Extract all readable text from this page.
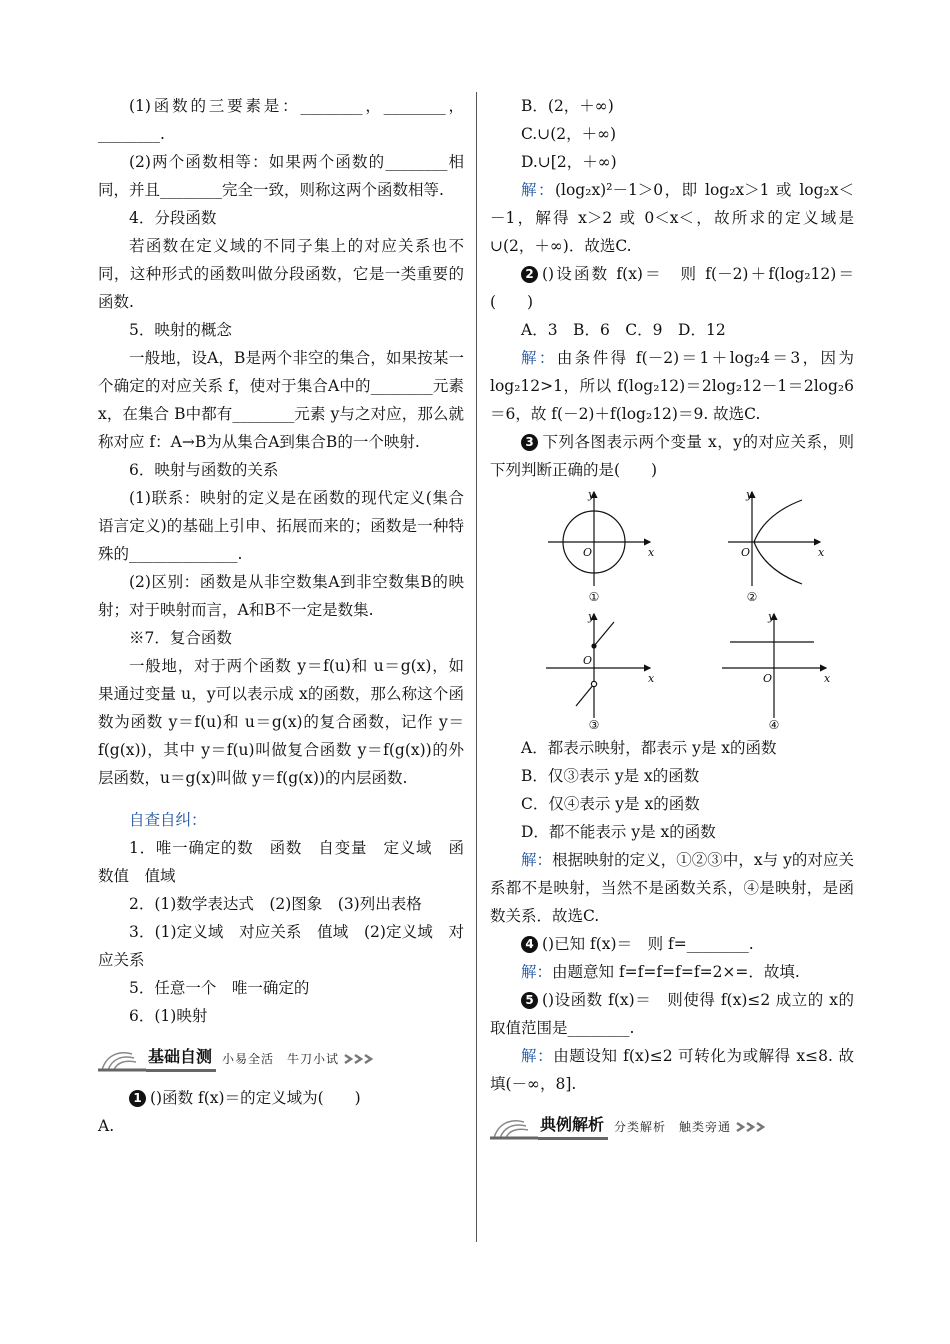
(1)函数的三要素是：________，________，________.

(2)两个函数相等：如果两个函数的________相同，并且________完全一致，则称这两个函数相等.

4．分段函数

若函数在定义域的不同子集上的对应关系也不同，这种形式的函数叫做分段函数，它是一类重要的函数.

5．映射的概念

一般地，设A，B是两个非空的集合，如果按某一个确定的对应关系 f，使对于集合A中的________元素 x，在集合 B中都有________元素 y与之对应，那么就称对应 f：A→B为从集合A到集合B的一个映射.

6．映射与函数的关系

(1)联系：映射的定义是在函数的现代定义(集合语言定义)的基础上引申、拓展而来的；函数是一种特殊的______________.

(2)区别：函数是从非空数集A到非空数集B的映射；对于映射而言，A和B不一定是数集.

※7．复合函数

一般地，对于两个函数 y＝f(u)和 u＝g(x)，如果通过变量 u，y可以表示成 x的函数，那么称这个函数为函数 y＝f(u)和 u＝g(x)的复合函数，记作 y＝f(g(x))，其中 y＝f(u)叫做复合函数 y＝f(g(x))的外层函数，u＝g(x)叫做 y＝f(g(x))的内层函数.

自查自纠：

1．唯一确定的数　函数　自变量　定义域　函数值　值域

2．(1)数学表达式　(2)图象　(3)列出表格

3．(1)定义域　对应关系　值域　(2)定义域　对应关系

5．任意一个　唯一确定的

6．(1)映射

基础自测 小易全活　牛刀小试

1 ()函数 f(x)＝的定义域为(　　)

A.

B．(2，＋∞)

C.∪(2，＋∞)

D.∪[2，＋∞)

解：(log₂x)²－1＞0，即 log₂x＞1 或 log₂x＜－1，解得 x＞2 或 0＜x＜，故所求的定义域是∪(2，＋∞)．故选C.

2 ()设函数 f(x)＝　则 f(－2)＋f(log₂12)＝(　　)

A．3　B．6　C．9　D．12

解：由条件得 f(－2)＝1＋log₂4＝3，因为 log₂12>1，所以 f(log₂12)＝2log₂12－1＝2log₂6＝6，故 f(－2)＋f(log₂12)＝9. 故选C.

3 下列各图表示两个变量 x，y的对应关系，则下列判断正确的是(　　)

y
x
O
y
x
O
y
x
O
y
x
O
①	②
③	④

A．都表示映射，都表示 y是 x的函数

B．仅③表示 y是 x的函数

C．仅④表示 y是 x的函数

D．都不能表示 y是 x的函数

解：根据映射的定义，①②③中，x与 y的对应关系都不是映射，当然不是函数关系，④是映射，是函数关系．故选C.

4 ()已知 f(x)＝　则 f=________.

解：由题意知 f=f=f=f=f=2×=．故填.

5 ()设函数 f(x)＝　则使得 f(x)≤2 成立的 x的取值范围是________.

解：由题设知 f(x)≤2 可转化为或解得 x≤8. 故填(－∞，8].

典例解析 分类解析　触类旁通
